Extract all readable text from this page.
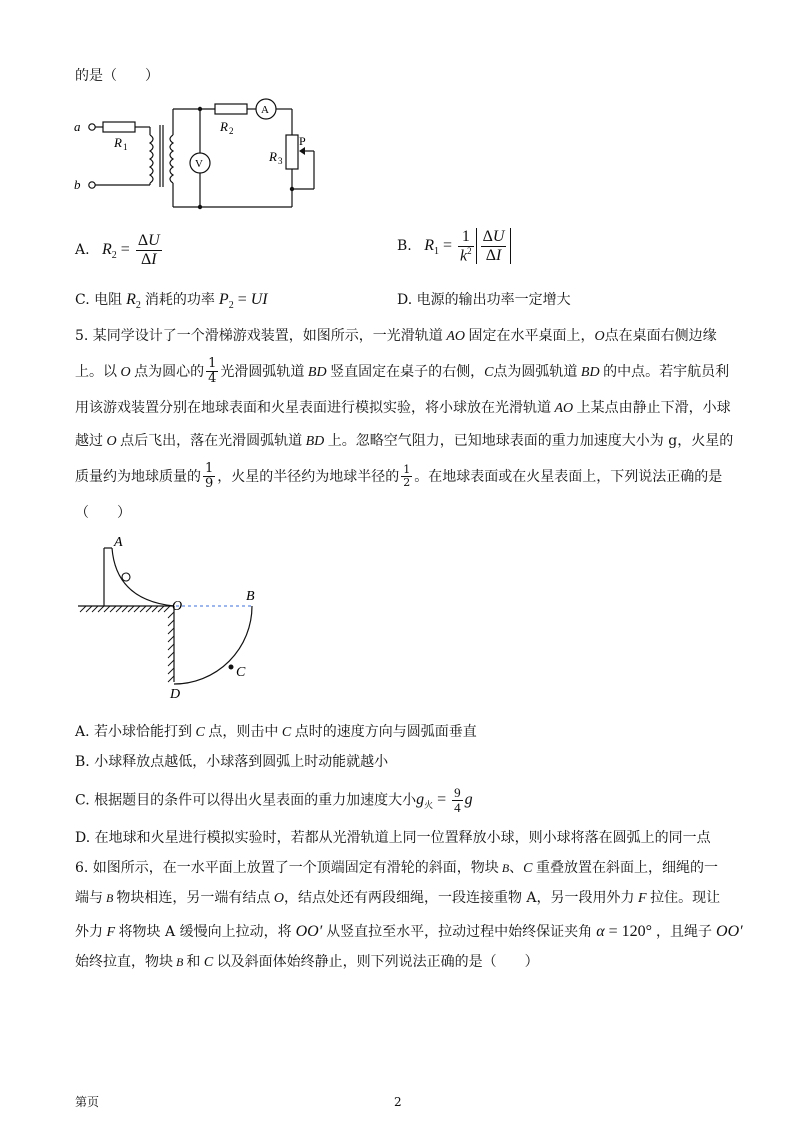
的是（　　）
a
b
R 1
R 2
R 3
P
A
V
A. $R_2 = \frac{\Delta U}{\Delta I}$	B. $R_1 = \frac{1}{k^2} \frac{\Delta U}{\Delta I}$
C. 电阻 $R_2$ 消耗的功率 $P_2$ = UI	D. 电源的输出功率一定增大
5. 某同学设计了一个滑梯游戏装置，如图所示，一光滑轨道 AO 固定在水平桌面上，O点在桌面右侧边缘
上。以 O 点为圆心的 $\frac{1}{4}$ 光滑圆弧轨道 BD 竖直固定在桌子的右侧，C点为圆弧轨道 BD 的中点。若宇航员利
用该游戏装置分别在地球表面和火星表面进行模拟实验，将小球放在光滑轨道 AO 上某点由静止下滑，小球
越过 O 点后飞出，落在光滑圆弧轨道 BD 上。忽略空气阻力，已知地球表面的重力加速度大小为 g，火星的
质量约为地球质量的 $\frac{1}{9}$ ，火星的半径约为地球半径的 $\frac{1}{2}$ 。在地球表面或在火星表面上，下列说法正确的是
（　　）
A
O
B
C
D
A. 若小球恰能打到 C 点，则击中 C 点时的速度方向与圆弧面垂直
B. 小球释放点越低，小球落到圆弧上时动能就越小
C. 根据题目的条件可以得出火星表面的重力加速度大小$g_火 = \frac{9}{4}$ g
D. 在地球和火星进行模拟实验时，若都从光滑轨道上同一位置释放小球，则小球将落在圆弧上的同一点
6. 如图所示，在一水平面上放置了一个顶端固定有滑轮的斜面，物块 B、C 重叠放置在斜面上，细绳的一
端与 B 物块相连，另一端有结点 O，结点处还有两段细绳，一段连接重物 A，另一段用外力 F 拉住。现让
外力 F 将物块 A 缓慢向上拉动，将 OO′ 从竖直拉至水平，拉动过程中始终保证夹角 α = 120° ，且绳子 OO′
始终拉直，物块 B 和 C 以及斜面体始终静止，则下列说法正确的是（　　）
第页	2
